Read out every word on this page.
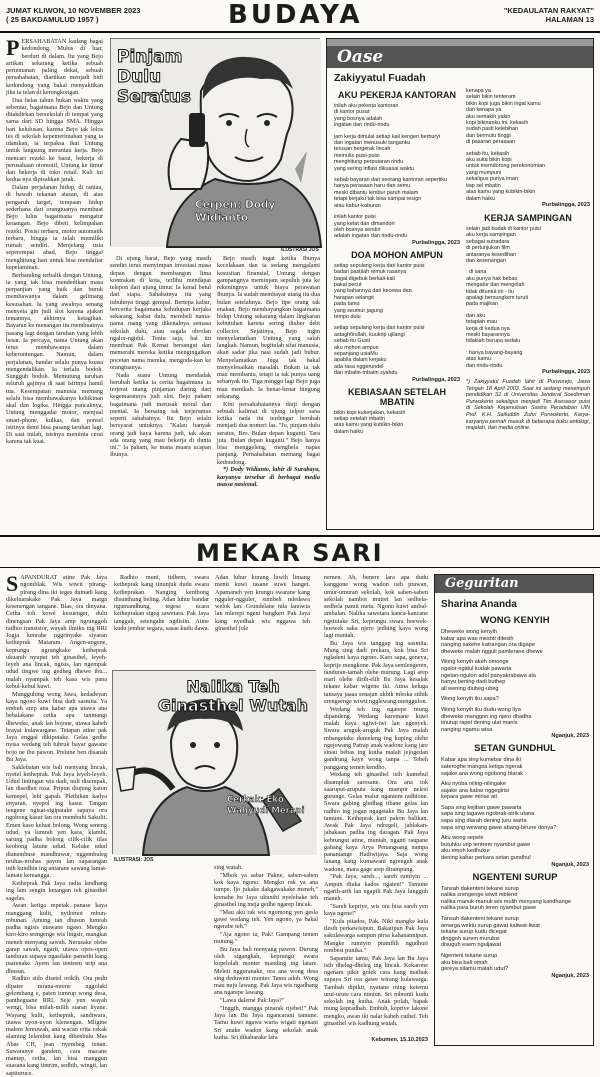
JUMAT KLIWON, 10 NOVEMBER 2023
( 25 BAKDAMULUD 1957 )	BUDAYA	"KEDAULATAN RAKYAT"
HALAMAN 13
P ERSAHABATAN kadang bagai kedondong. Mulus di luar, berduri di dalam. Itu yang Bejo artikan sekarang ketika sebuah pertemanan paling dekat, sebuah persahabatan, diartikan menjadi bidi kedondong yang bakal menyakitkan jika ia telan di kerongkongan.

Dua belas tahun bukan waktu yang sebentar, bagaimana Bejo dan Untung ditakdirkan bersekolah di tempat yang sama dari SD hingga SMA. Hingga hari kelulusan, karena Bejo tak lolos tes di sekolah kepemerintahan yang ia idamkan, ia terpaksa ikut Untung untuk langsung merantau kerja. Bejo mencari rezeki ke barat, bekerja di perusahaan otomotif, Untung ke timur dan bekerja di toko retail. Kali ini kedua nya dipisahkan jarak.

Dalam perjalanan hidup, di rantau, di bawah tekanan atasan, di atas pengaruh target, tempaan hidup sederhana dari orangtuanya membuat Bejo lulus bagaimana mengatur keuangan. Bejo dibeti kelimpahan rezeki. Posisi terbaru, motor automatik terbaru, hingga ia telah memiliki rumah sendiri. Menjelang usia seperempat abad, Bejo tinggal menghitung hari untuk bisa mendaftar kepelaminan.

Berbanding terbalik dengan Untung, ia yang tak bisa mendedikan masa perpanjian yang baik dan buruk membawanya dalam gelimang kesusahan. Ia yang awalnya senang menyeta gin judi slot karena ajakan temannya, akhirnya ketagihan. Bayaran ke menangan itu membuatnya pasang lagi dengan taruhan yang lebih besar. Ia percaya, nama Untung akan terus membawanya dalam keberuntungan. Namun, dalam perjalanan, bandar selalu punya kuasa mengendalikan. Ia terlalu bodoh. Sungguh bodoh. Memutung taruhan seluruh gajinya di saat istrinya hamil tua. Kesempatan manusia memang selalu bisa membawakanya kebikinan akal dan logika. Hingga puncaknya, Untung menggadai motor, menjual smart-phone, kulkas, dan ponsel istrinya demi bisa pasang taruhan lagi. Di saat inilah, istrinya meminta cerai karena tak kuat.

Pinjam Dulu Seratus
Cerpen: Dody Widianto
ILUSTRASI JOS

Di ujung barat, Bejo yang masih sendiri terus menyimpan investasi masa depan dengan membangun lima kontrakan di kota, terlihu mendapat telepon dari ujung timur. Ia kenal betul dari siapa. Sahabatnya itu yang tubuhnya tinggi gempal. Bertepa kabar, bercerita bagaimana kehidupan kerjaka sekarang, kabar dulu, membeli nama-nama ruang yang dikenalnya semasa sekolah dulu, atau segala obrolan ngalor-ngidul. Tentu saja, hal itu membuat Pak Kemat bersangut dan memerahi mereka ketika mengingatkan pocetan nama mereka, mengoda-kan ke orangtuanya.

Nada suara Untung mendadak berubah ketika ia cerita bagaimana ia terjerat utang pinjaman daring dari kegemarannya judi slot. Bejo paham bagaimana judi merusak moral dan mental. Ia bersaing tak terjerumus seperti sahabatnya. Itu Bejo selalu bersyarat untuknya. "Kalau banyak orang jadi kaya karena judi, tak akan ada orang yang mau bekerja di dunia ini." Ia paham, ke mana muara ucapan Ibunya.

Bejo masih ingat ketika Ibunya kecelakaan dan ia sedang mengalami kesusitan finansial, Untung dengan gampangnya meminjam sepuluh juta ke rekeningnya untuk biaya perawatan Ibunya. Ia sudah membayar utang itu dua bulan setelahnya. Bejo tipe orang tak enakan. Bejo membayangkan bagaimana hidup Untung sekarang dalam lingkaran kebutuhan karena sering diuber debt collector. Sejatinya, Bejo ingin menyelamatkan Untung yang salah langkah. Namun, begitulah sifat manusia, akan sadar jika nasi sudah jadi bubur. Menyelamatkan Juga tak bakal menyelesaikan masalah. Bukan ia tak mau membantu, tetapi ia tak punya uang sebanyak itu. Tiga minggu lagi Bejo juga mau menikah. Ia benar-benar bingung sekarang.

Kini persahabatannya diuji dengan sebuah kalimat di ujung telpur sana ketika nada itu terdengar berubah menjadi dua nomeri las. "Jo, pinjam dulu seratus, Bro. Bulan depan kuganti. Tara juta. Bulan depan kuganti." Bejo hanya bisa menggeleng, menghela napas panjang. Pernahabatan memang bagai kedondong.

*) Dody Widianto, lahir di Surabaya, karyanya tersebar di berbagai media massa nasional.

Oase
Zakiyyatul Fuadah
AKU PEKERJA KANTORAN
inilah aku pekerja kantoran
di kantor pusat
yang bosnya adalah
ingatan dan rindu-rindu
jam kerja dimulai setiap kali kengen berburyi
dan ingatan menusuki tanganku
terusan bergerak lincah
memulis puisi-puisi
menghitung perputaran rindu
yang sering inflasi dikuasai waktu
sebab bayaran dari seorang kantoran sepertiku
hanya perasaan haru dan semu
meski dibantu lembur paruh malam
tetapi kerjaku tak bisa sampai resign
atau kabur-kaburan
inilah kantor puisi
yang ketat dan dimandori
oleh bosnya sendiri
adalah ingatan dan rindu-rindu
Purbalingga, 2023
DOA MOHON AMPUN
setiap sepulang kerja dari kantor puisi
badan pastilah remuk rasanya
bagai digebuk berkali-kali
pakai pecut
yang bahannya dari kecewa dan
harapan selangit
pada tamu
yang seumur jagung
tempo dulu
setiap sepulang kerja dari kantor puisi
astaghfirullah, kuukrip ujilangi
sebab itu Gusti
aku mohon ampun
sepanjang usiaMu
apabila dalam kerjaku
ada rasa nggerundel
dan mbatin-mbatin syahdu
Purbalingga, 2023
KEBIASAAN SETELAH MBATIN
bikin kopi kukerjakan, kekasih
setiap setelah mbatin
atas kamu yang kubikin-bikin
dalam haiku
kenapa ya
selain bikin tenteram
bikin kopi juga bikin ingat kamu
dan kenapa ya
aku semakin yakin
kopi bikinanku ini, kekasih
sudah pasti kelebihan
dan bermutu tinggi
di pasaran perasaan
sebab itu, kekasih
aku suka bikin kopi
untuk memdorong perekonomian
yang mumpuni
sekaligus punya iman
tiap sel mbatin
atas kamu yang kubikin-bikin
dalam haiku
Purbalingga, 2023
KERJA SAMPINGAN
selain jadi budak di kantor puisi
aku kerja sampingan
sebagai sutradara
di pertunjukan film
antaranya kesedihan
dan kesenangan
: di sana
aku punya hak bebas
mengatur dan mengolah
tidak dituntut ini - itu
apalagi bersungkem turuti
pada majikan
dan aku
tetaplah mau
kerja di kedua nya
meski bayarannya
tidaklah berupa sedalu
: hanya bayang-bayang
atas kamu
dan rindu-rindu
Purbalingga, 2023
*) Zakiyyatul Fuadah lahir di Purworejo, Jawa Tengah 18 April 2003. Saat ini sedang menempuh pendidikan S1 di Universitas Jenderal Soedirman Purwokerto sekaligus menjadi Tim Asesasor puisi di Sekolah Kepenulisan Sastra Peradaban UIN Prof. K.H. Saifuddin Zuhri Purwokerto. Karya-karyanya pernah masuk di beberapa buku antologi, majalah, dan media online.
MEKAR SARI
S APANDURAT atine Pak Jaya ngomblak. Wis wiwit pirang-pirang dina iki teges dumadi kang dikeluarakake Pak Jaya marga kesenengan tangane. Blas, ora dinyana. Cetha toh kowé kesuenger, dulu dinengsan Pak Jaya amp ngrunggoh radhio transistor, wayah ilmiku ing RRI Jogja lumrahe nggrinyake siyaran ketheprak Mataram. Angen-angene, keprungu ngrungkake ketheprak ukuanih nyuput teh ginasthel, leyeh-leyeh ana lincak, ngisis, lan ngempak udud tingwe ing gedheg dhewe ibu... malah nyampak teh kasa wis pana kebul-kebul kuwi.

Mungguhing wong Jawa, kedadeyan kaya ngono kuwi bisa dadi sasmita. Ya embuh arep ana kabar apa utawa ana bebalakane cetha apa tanmangi dheweke, anak lan bojone, utawa kabeh brayat kulawargane. Tetapan atine pak Jaya enggal dikiputake. Gelas gedhe nyisa wedang teh tubruk bayar gawane bojo ne ibu pawon. Prelune ben disanah Bu Jaya.

Saklebatan wis bali menyang lincak, nyetel ketheprak. Pak Jaya leyeh-leyeh. Udud lintingan wis dadi, nuli disempak, lan disedhot rosa. Pripun diujung katon kemepel, lebi gapah. Plethikan kadya enyaran, nyepol ing kasur. Tangan tengene ngisat-sigipatake sapaya ora ngobong kasur lan ora membuhi Sakulit. Emen kaso keluat bolong. Wong seneng udud, ya lumrah yen kaos, klambi, sarung padha bolong cilik-cilik tilas keobong latune udud. Keluke udud dianembuse mandhuwur, nggembuleg nruhas-nruhas payon lan saparangan inih kundhin ing antarane sawang lamat-lamate kemangga.

Ketheprak Pak Jaya radia landhang ing lam sengin ketangan teh ginasthel sagelas.

Awan ketiga mpetak panase kaya manggang kulit, nyilomot mbun-mbunan. Amung tan dhusun lumrah padha ngisis utawane ngaso. Mengko kiro-kiro srengenge wis lingsir, mangkat meneh menyang sawah. Nerusake olehe garap sawah, ngarit, utawa opos-open tanduran supaya ngasilake pamethi kang marenake. Ayem lan tentrem urip ana dhusun.

Radhio sido disetel orikih. Ora pedu dipater mrana-mrene nggolaki gelombang e, paten tumrup wong desa, pantheguane RRI. Seje yen wayah wengi, bisa milah-milih siaran liyane. Wayang kulit, ketheprak, sandiwara, utawa uyon-uyon klenengan. Mligine malem Jemuwah, ana wacan crita cekak alaming lelembut kang dibenbulu Mas Abas CH, jean nyembeg tenan. Suwaranye gandem, cara macane mantep, cetha, lan bisa manggun suasana kang tintrim, sedhih, wingit, lan sapituruce.

Radhio muni, tidhem, swara ketheprak kang tinunjuk dudu swara ketheprakan. Nanging kenthong disunthung beling. Adan luhur bandar ngumandhung, tegese ncara ketheprakan sigeg sawetara. Pak Jaya tanggah, setengahe ngdisiin. Atine kudu jembar segara, sasae kudu dawa. Adan luhur kurang luwih limang menit kuwi rasane suwe banget. Apamaneh yen krungu swarane kang ngguler-ngguler, sumbeh ndedawa welok lan. Grundelane nila lanowia lan mlerepi ngeni bangkeri Pak Jaya kang nyedhak wis nggawa teh ginasthel jole

Nalika Teh Ginasthel Wutah
Cerkak: Eko Wahyudi Merapi
ILUSTRASI: JOS

sing wutah.

"Mbok ya sabar Pakne, saben-saben kok kaya ngono. Mengko rak ya ana tumpe. Ijo jukake dakgawakake meneh," krenahe bu Jaya ukunihi nyelehake teh ginasthel ing meja gedhe ngarep lincak.

"Mau aku rak wis ngomong yen gesla gawe wedang teh. Yen ngono, ya bakal ngerabe teh."

"Aja ngono ta, Pak! Gampang temen mutung."

Bu Jaya bali menyang pawon. Durung oleh sigangkah, keprungu swara kopelolah monter manding ing latare. Meleti ngguranake, ora ana wong desa sing deduweni monter. Tamu adoh. Wong mau nuju lawang. Pak Jaya wis ngadhang ana ngarepe lawang.

"Lawa dalemé Pak Jaya?"

"Inggih, mangga pinarak rijebet!" Pak Jaya lan Bu Jaya ngancarani tamune. Tamu kuwi ngawa warta wigati ngenani Sri anake wadon kang sekolah anak kutha. Sri dikabarake lara

nemen. Ah, benere lara apa dudu kanggone wong wadon isih prawan, umur-umuran sekolah, kok saben-saben sekolah nambot mutret lan sedhela-sedhela pamit metu. Ngono kuwi ambal-ambalan. Nalika sawetara kanca-kancane ngetutake Sri, keprungu swara hoewek-hoewek saka njero jedhing kaya wong lagi muntah.

Bu Jaya wis tanggap ing sasmita. Mung sing dadi prekara, kok bisa Sri ngladeni kaya ngono. Karo sapa, geneya, keprije mengkone. Pak Jaya semlengeren, tanduran-tamah olehe murung. Lagi arep marl olehe dirih-elih Bu Jaya kesalak tekane kabar wigene iki. Atina keluga tansaya jaaaa senajan ukbik mboka sithik erengsenge wiwit ngglewang menggulon.

Wedang teh ing ngarepe mung dipandeng. Wedang karemane kuwi malah kaya ngiwi-iwi lan ngenyek. Swara aruguk-aruguk Pak Jaya malah mbangetake dumeleng ing kuping olehe ngejowang Patrap anak wadone kang jare sinau bebas ing kutha malah jejogedan gandrung kaye wong tanpa ... Tebeh panggang temen kendho.

Wedang teh ginasthel isih kumebul disampluk sarosane. Ora ana tok saaruput-aruputa kang mampir nelesi gurunge. Gelas malur ngantem radhione. Swara gabing gludhag tibane gelas lan radhio ing jogan ngagetake Bu Jaya lan tamune. Ketheprak kari pakon balikan. Awak Pak Jaya ndregeli, jablakan-jabakaan padha ing daragan. Pak Jaya kebrungut atine, muntab, nganti raupane gabang kaya Arya Penangsang nampa panantange Hadiwijaya. Saja wong lanang kang kumawani ngrengeh anak wadone, mara gage arep dirampung.

"Pak Jaya, sareh..., sareh rumiyin ... Ampun diuka kados ngaten!" Tamune ngarih-arih lan ngapili Pak Jaya lungguh maneh.

"Sareh kepriye, wis ora bisa sareh yen kaya ngene!"

"Kula pitados, Pak. Niki mangke kula tlesih perkawisipun. Bakatipun Pak Jaya sakulawarga sampun pirsa kahanannipun. Mangke rumiyin pramilih ngudhuri rembesi punika."

Sapamite tamu, Pak Jaya lan Bu Jaya isih dheleg-dheleg ing lincak. Kekarone ngenam pikir golek cara kang mathuk supaya Sri ora gawe wirang kulawarga. Tambah dipikir, nyatane ming ketemu urut-urute cara nuntun. Sri mbrenti kudu sekolah ing kutha. Anak polah, bapak mung kepradhah. Embuh, keprive lakone mengko, awan iki nalar kabeh cuthel. Teh ginasthel wis kadhung wutah.

Kebumen, 15.10.2023
Geguritan
Sharina Ananda
WONG KENYIH
Dheweke wong kenyih
kabar apa wae meshti ditesih
nanging sakehe katrangan ora digape
dheweke malah ngguli pamlerane dhewe
Wong kenyih akeh omonge
ngalor-ngidul kudak pawarta
ngetan-ngulon adol panyakrabawa ala
banyu bening dadi buthep
all wening diubeg-ubeg
Wong kenyih iku sapa?
Wong kenyih iku dudu wong liya
dheweke manggon ing njero dhadha
tinutup rapet dening ulat manis
nanging ngamu wisa
Nganjuk, 2023
SETAN GUNDHUL
Kabar apa sing kumebar dina iki
sateroghe mangsa ketiga ngerak
sajake ana wong ngobong blarak
Aku nyoba niling-nilingake
sajake ana kabar nggegirisi
kepara gawe mirise ati
Sapa sing kejiban gawe pawarta
sapa sing tagawe ngobrak-atrik utana
sapa sing diarah dening juru warta
sapa sing wewang gawe abang-birune donya?
Aku wong sepele
butuhku urip tentrem nyambut gawe
aku emoh kedhukur
dening kabar perkara setan gundhul
Nganjuk, 2023
NGENTENI SURUP
Tansah dakenteni tekane surup
nalika srengenge wiwit mbleret
nalika manuk-manuk wis mulih menyang kandhange
nalika para buruh leren nyambut gawe
Tansah dakenteni tekane surup
amarga wektu surup gawat kaliwat-liwat
tekane surup kudu dicegat
dinggoh surem murubsi
disuguh esem nguljawat
Ngenteni tekane surup
aku bisa bali omah
gereya silamu malah udut?
Nganjuk, 2023
